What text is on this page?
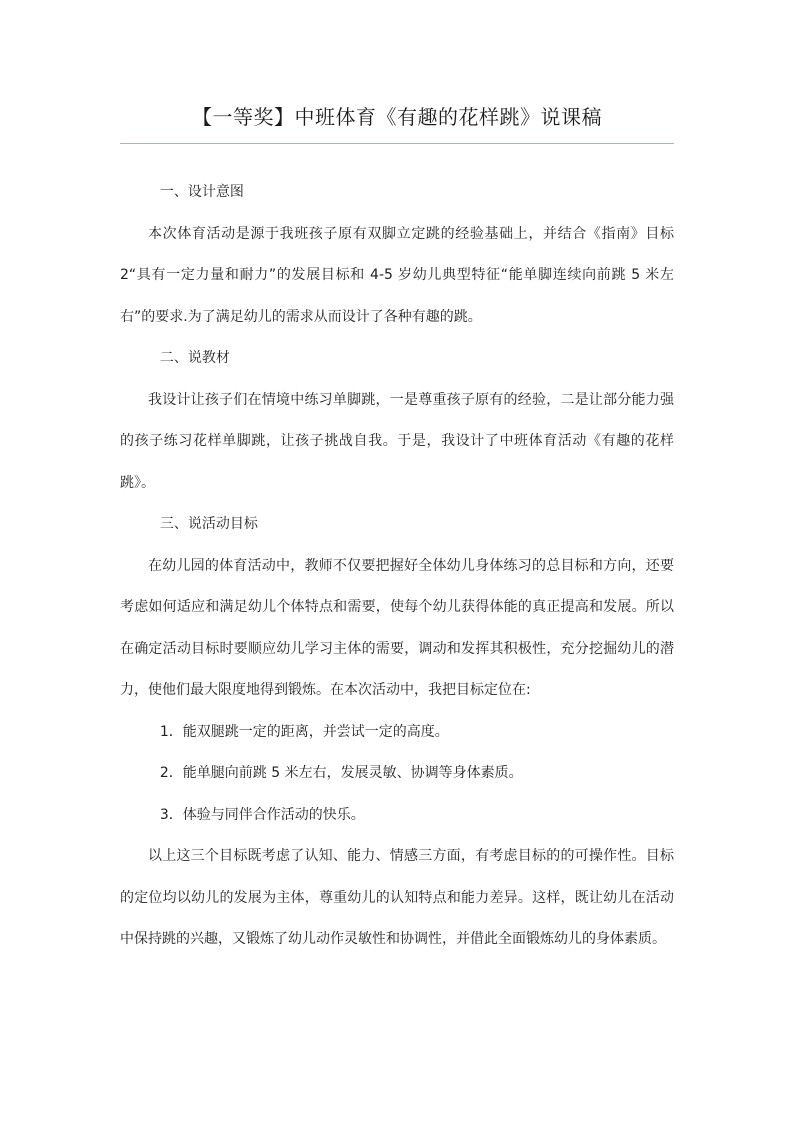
【一等奖】中班体育《有趣的花样跳》说课稿

一、设计意图

本次体育活动是源于我班孩子原有双脚立定跳的经验基础上，并结合《指南》目标 2“具有一定力量和耐力”的发展目标和 4-5 岁幼儿典型特征“能单脚连续向前跳 5 米左右”的要求.为了满足幼儿的需求从而设计了各种有趣的跳。

二、说教材

我设计让孩子们在情境中练习单脚跳，一是尊重孩子原有的经验，二是让部分能力强的孩子练习花样单脚跳，让孩子挑战自我。于是，我设计了中班体育活动《有趣的花样跳》。

三、说活动目标

在幼儿园的体育活动中，教师不仅要把握好全体幼儿身体练习的总目标和方向，还要考虑如何适应和满足幼儿个体特点和需要，使每个幼儿获得体能的真正提高和发展。所以在确定活动目标时要顺应幼儿学习主体的需要，调动和发挥其积极性，充分挖掘幼儿的潜力，使他们最大限度地得到锻炼。在本次活动中，我把目标定位在:

1．能双腿跳一定的距离，并尝试一定的高度。

2．能单腿向前跳 5 米左右，发展灵敏、协调等身体素质。

3．体验与同伴合作活动的快乐。

以上这三个目标既考虑了认知、能力、情感三方面，有考虑目标的的可操作性。目标的定位均以幼儿的发展为主体，尊重幼儿的认知特点和能力差异。这样，既让幼儿在活动中保持跳的兴趣，又锻炼了幼儿动作灵敏性和协调性，并借此全面锻炼幼儿的身体素质。
